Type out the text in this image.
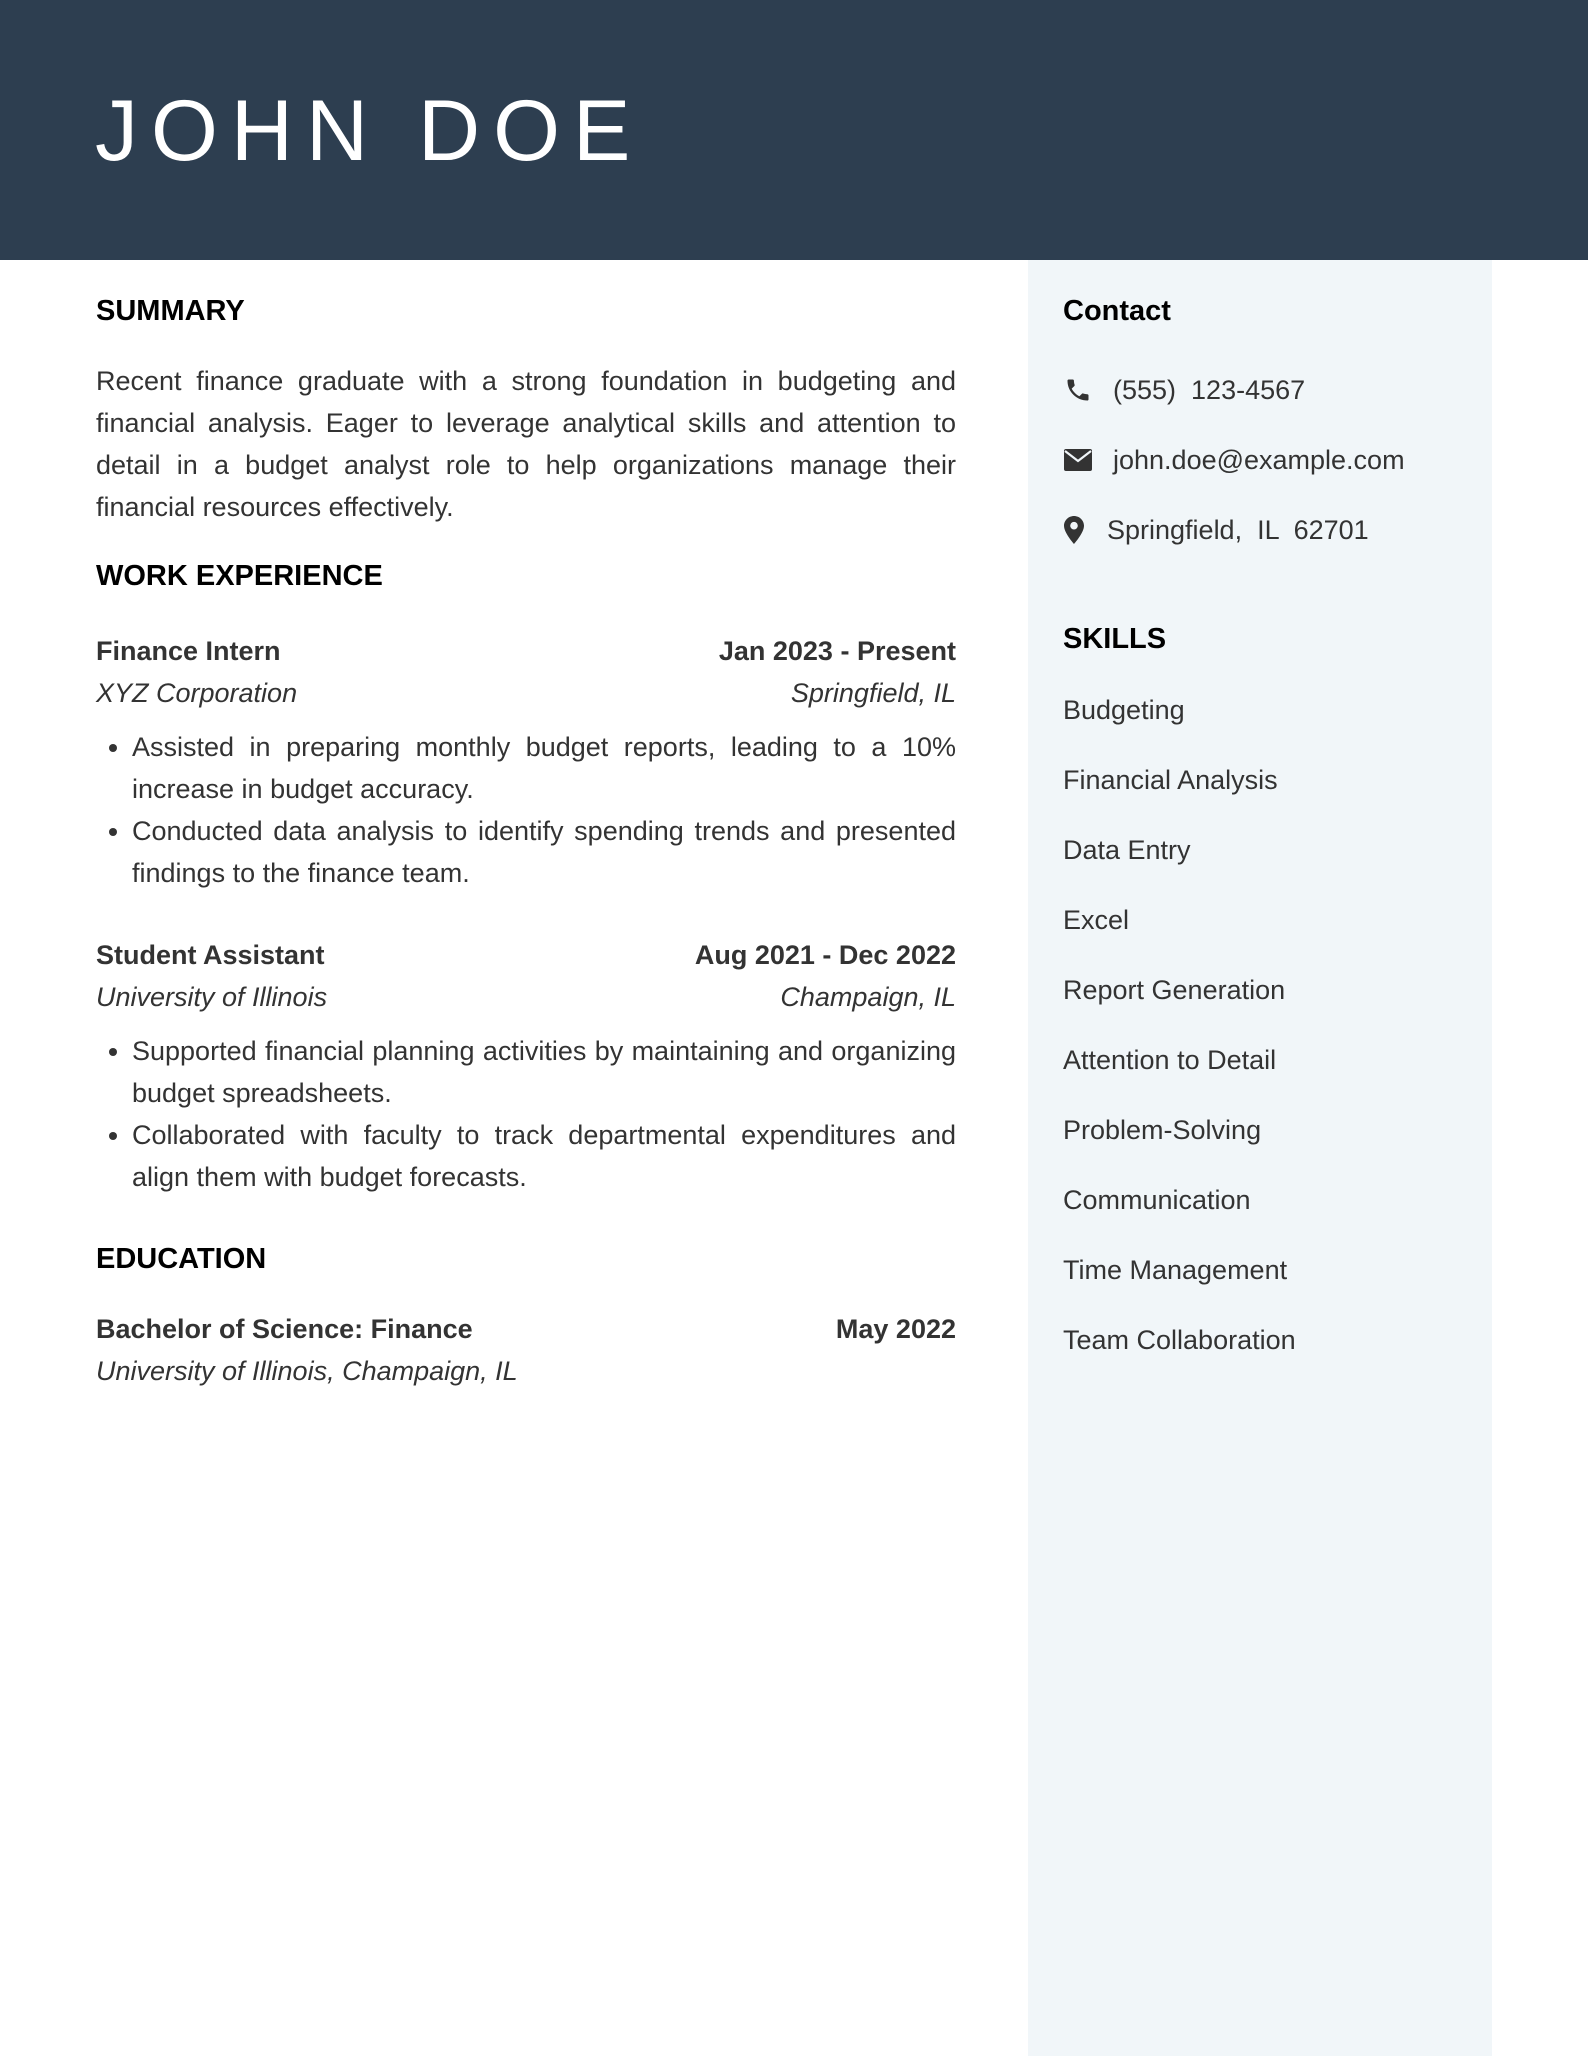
JOHN DOE
SUMMARY

Recent finance graduate with a strong foundation in budgeting and financial analysis. Eager to leverage analytical skills and attention to detail in a budget analyst role to help organizations manage their financial resources effectively.

WORK EXPERIENCE
Finance Intern	Jan 2023 - Present
XYZ Corporation	Springfield, IL
• Assisted in preparing monthly budget reports, leading to a 10% increase in budget accuracy.
• Conducted data analysis to identify spending trends and presented findings to the finance team.
Student Assistant	Aug 2021 - Dec 2022
University of Illinois	Champaign, IL
• Supported financial planning activities by maintaining and organizing budget spreadsheets.
• Collaborated with faculty to track departmental expenditures and align them with budget forecasts.
EDUCATION
Bachelor of Science: Finance	May 2022
University of Illinois, Champaign, IL
Contact
(555)  123-4567
john.doe@example.com
Springfield,  IL  62701
SKILLS
Budgeting
Financial Analysis
Data Entry
Excel
Report Generation
Attention to Detail
Problem-Solving
Communication
Time Management
Team Collaboration
